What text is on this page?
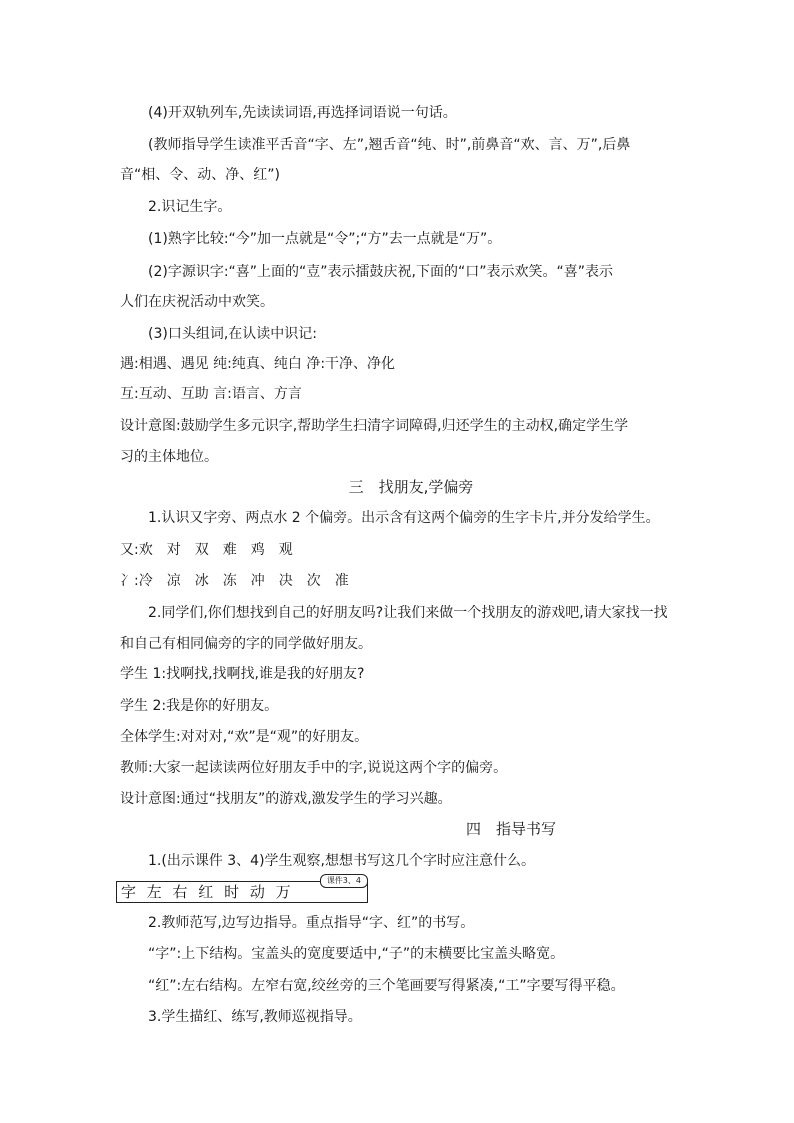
(4)开双轨列车,先读读词语,再选择词语说一句话。
(教师指导学生读准平舌音“字、左”,翘舌音“纯、时”,前鼻音“欢、言、万”,后鼻
音“相、令、动、净、红”)
2.识记生字。
(1)熟字比较:“今”加一点就是“令”;“方”去一点就是“万”。
(2)字源识字:“喜”上面的“壴”表示擂鼓庆祝,下面的“口”表示欢笑。“喜”表示
人们在庆祝活动中欢笑。
(3)口头组词,在认读中识记:
遇:相遇、遇见 纯:纯真、纯白 净:干净、净化
互:互动、互助 言:语言、方言
设计意图:鼓励学生多元识字,帮助学生扫清字词障碍,归还学生的主动权,确定学生学
习的主体地位。
三　找朋友,学偏旁
1.认识又字旁、两点水 2 个偏旁。出示含有这两个偏旁的生字卡片,并分发给学生。
又:欢　对　双　难　鸡　观
冫:冷　凉　冰　冻　冲　决　次　准
2.同学们,你们想找到自己的好朋友吗?让我们来做一个找朋友的游戏吧,请大家找一找
和自己有相同偏旁的字的同学做好朋友。
学生 1:找啊找,找啊找,谁是我的好朋友?
学生 2:我是你的好朋友。
全体学生:对对对,“欢”是“观”的好朋友。
教师:大家一起读读两位好朋友手中的字,说说这两个字的偏旁。
设计意图:通过“找朋友”的游戏,激发学生的学习兴趣。
四　指导书写
1.(出示课件 3、4)学生观察,想想书写这几个字时应注意什么。
字 左 右 红 时 动 万
课件3、4
2.教师范写,边写边指导。重点指导“字、红”的书写。
“字”:上下结构。宝盖头的宽度要适中,“子”的末横要比宝盖头略宽。
“红”:左右结构。左窄右宽,绞丝旁的三个笔画要写得紧凑,“工”字要写得平稳。
3.学生描红、练写,教师巡视指导。
